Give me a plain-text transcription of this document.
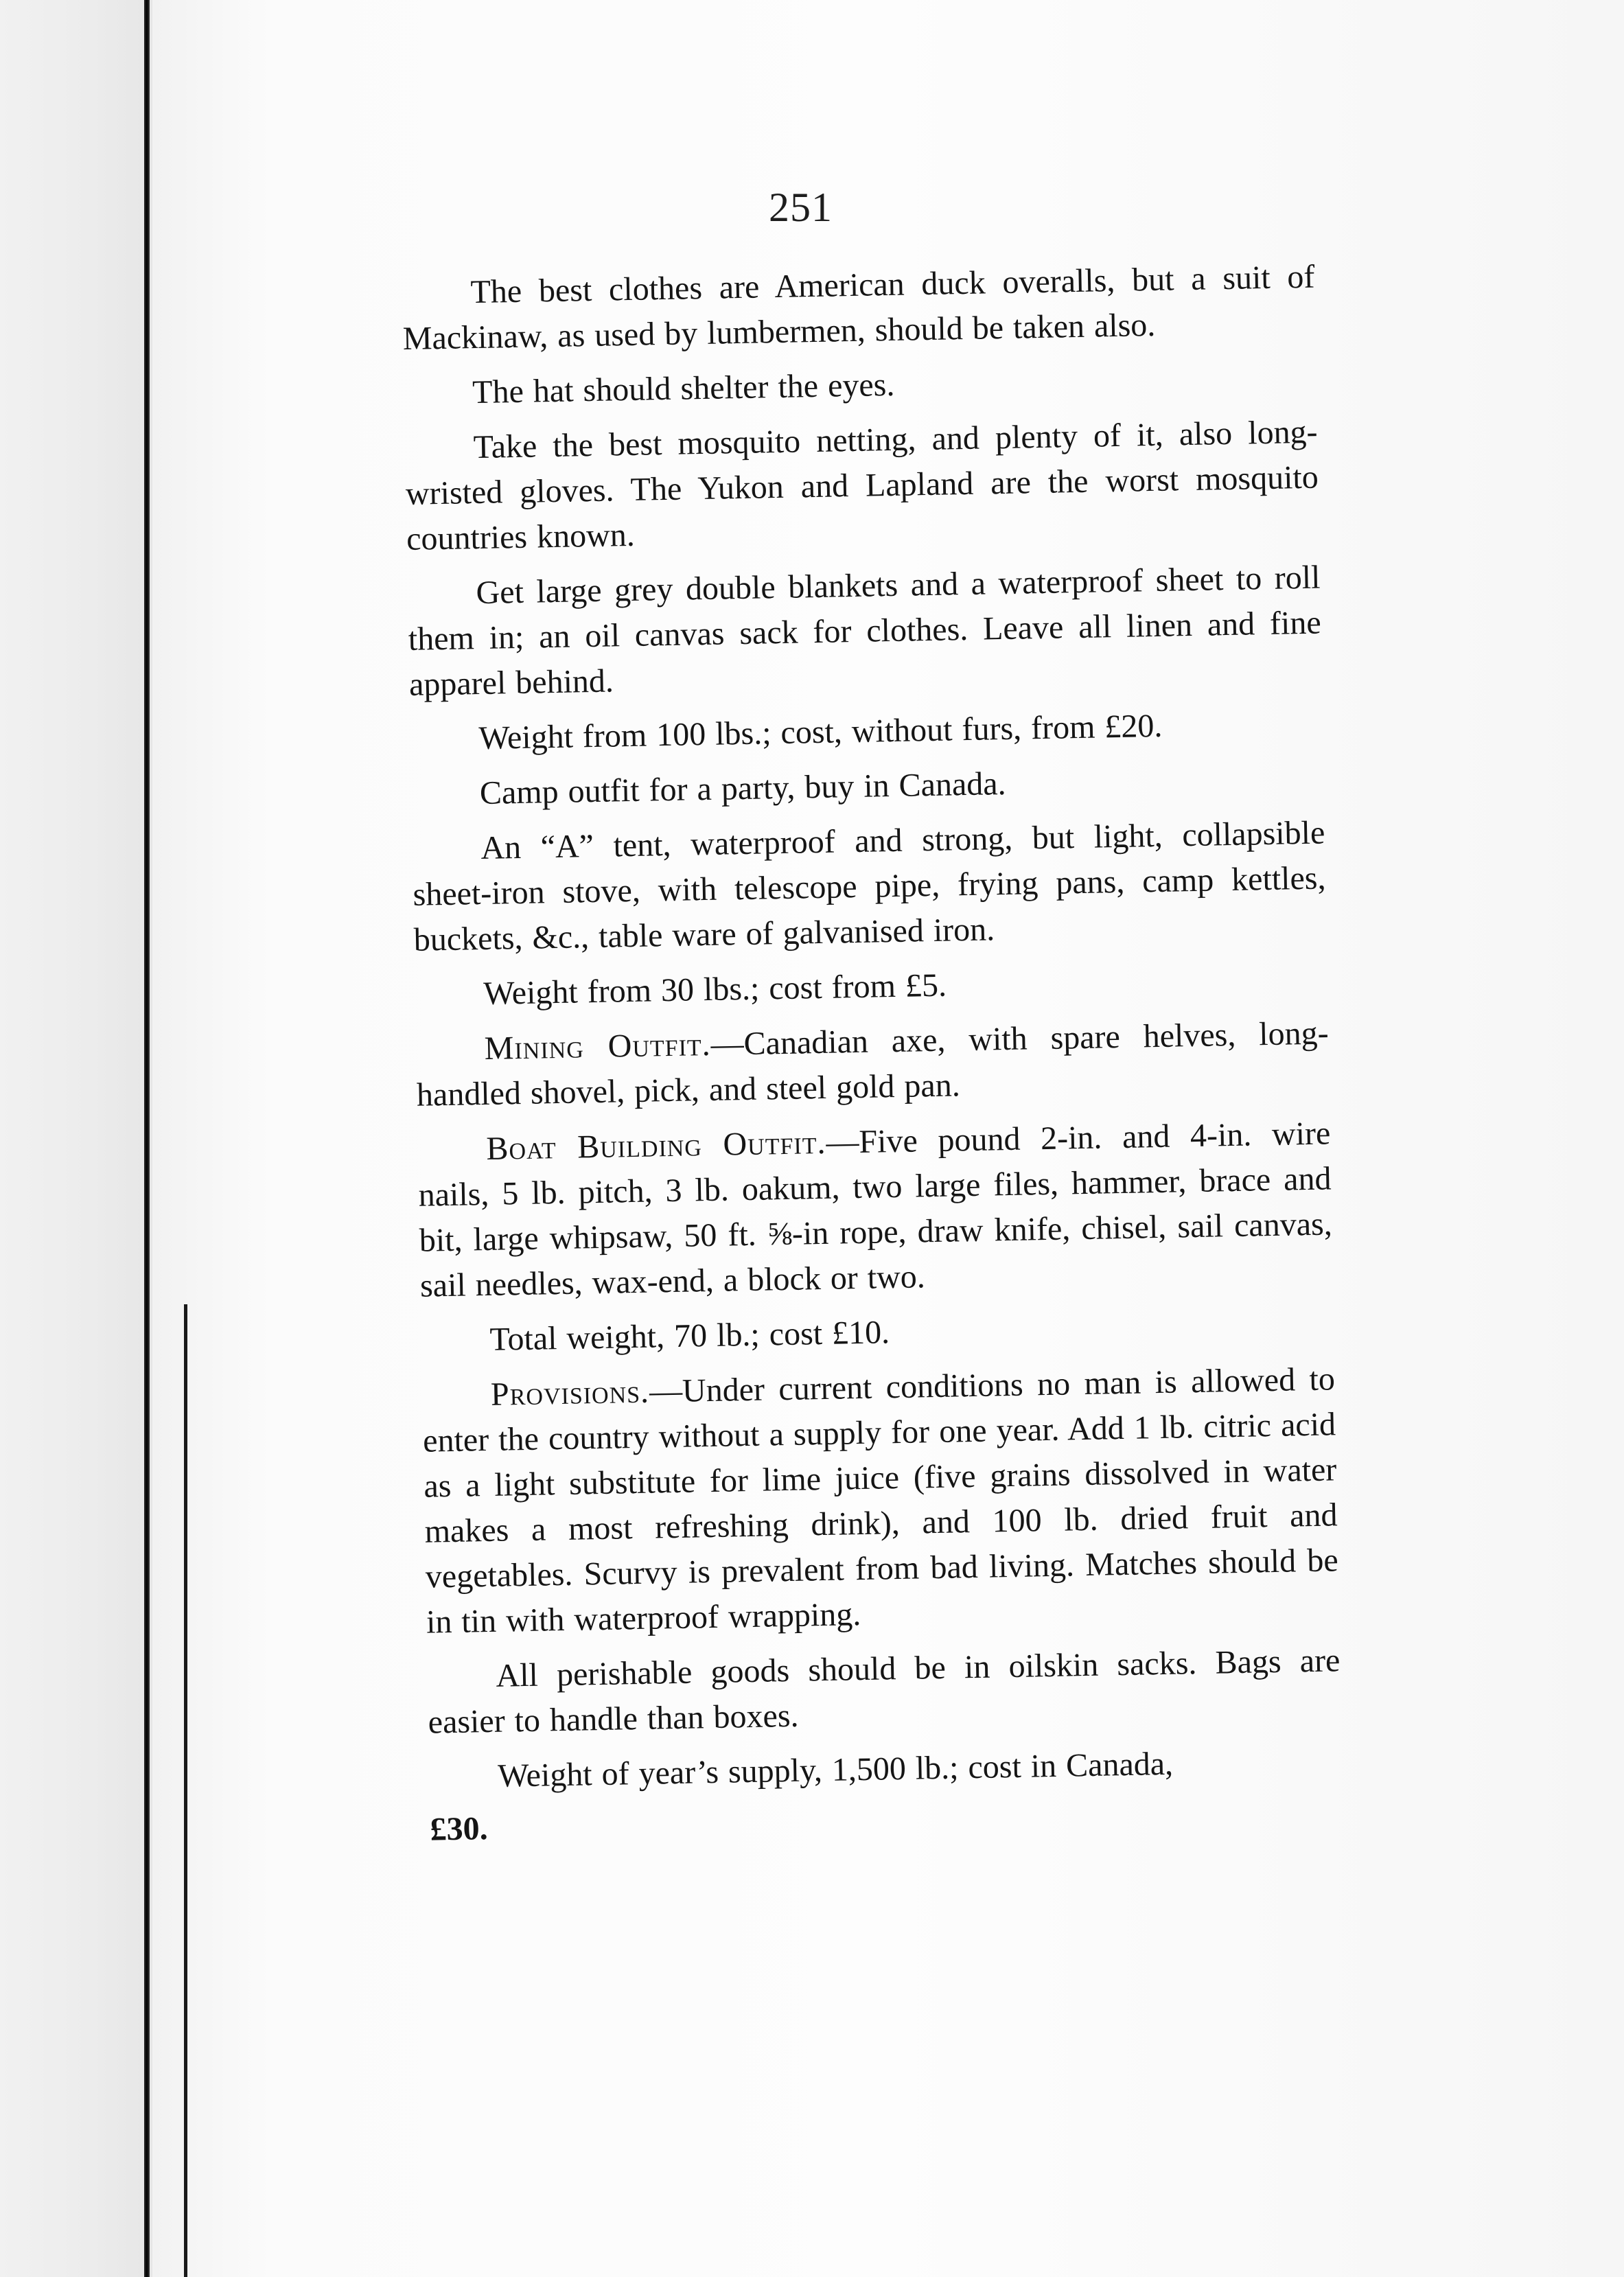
251

The best clothes are American duck overalls, but a suit of Mackinaw, as used by lumbermen, should be taken also.

The hat should shelter the eyes.

Take the best mosquito netting, and plenty of it, also long-wristed gloves. The Yukon and Lapland are the worst mosquito countries known.

Get large grey double blankets and a waterproof sheet to roll them in; an oil canvas sack for clothes. Leave all linen and fine apparel behind.

Weight from 100 lbs.; cost, without furs, from £20.

Camp outfit for a party, buy in Canada.

An “A” tent, waterproof and strong, but light, collapsible sheet-iron stove, with telescope pipe, frying pans, camp kettles, buckets, &c., table ware of galvanised iron.

Weight from 30 lbs.; cost from £5.

Mining Outfit.—Canadian axe, with spare helves, long-handled shovel, pick, and steel gold pan.

Boat Building Outfit.—Five pound 2-in. and 4-in. wire nails, 5 lb. pitch, 3 lb. oakum, two large files, hammer, brace and bit, large whipsaw, 50 ft. ⅝-in rope, draw knife, chisel, sail canvas, sail needles, wax-end, a block or two.

Total weight, 70 lb.; cost £10.

Provisions.—Under current conditions no man is allowed to enter the country without a supply for one year. Add 1 lb. citric acid as a light substitute for lime juice (five grains dissolved in water makes a most refreshing drink), and 100 lb. dried fruit and vegetables. Scurvy is prevalent from bad living. Matches should be in tin with waterproof wrapping.

All perishable goods should be in oilskin sacks. Bags are easier to handle than boxes.

Weight of year’s supply, 1,500 lb.; cost in Canada,

£30.
